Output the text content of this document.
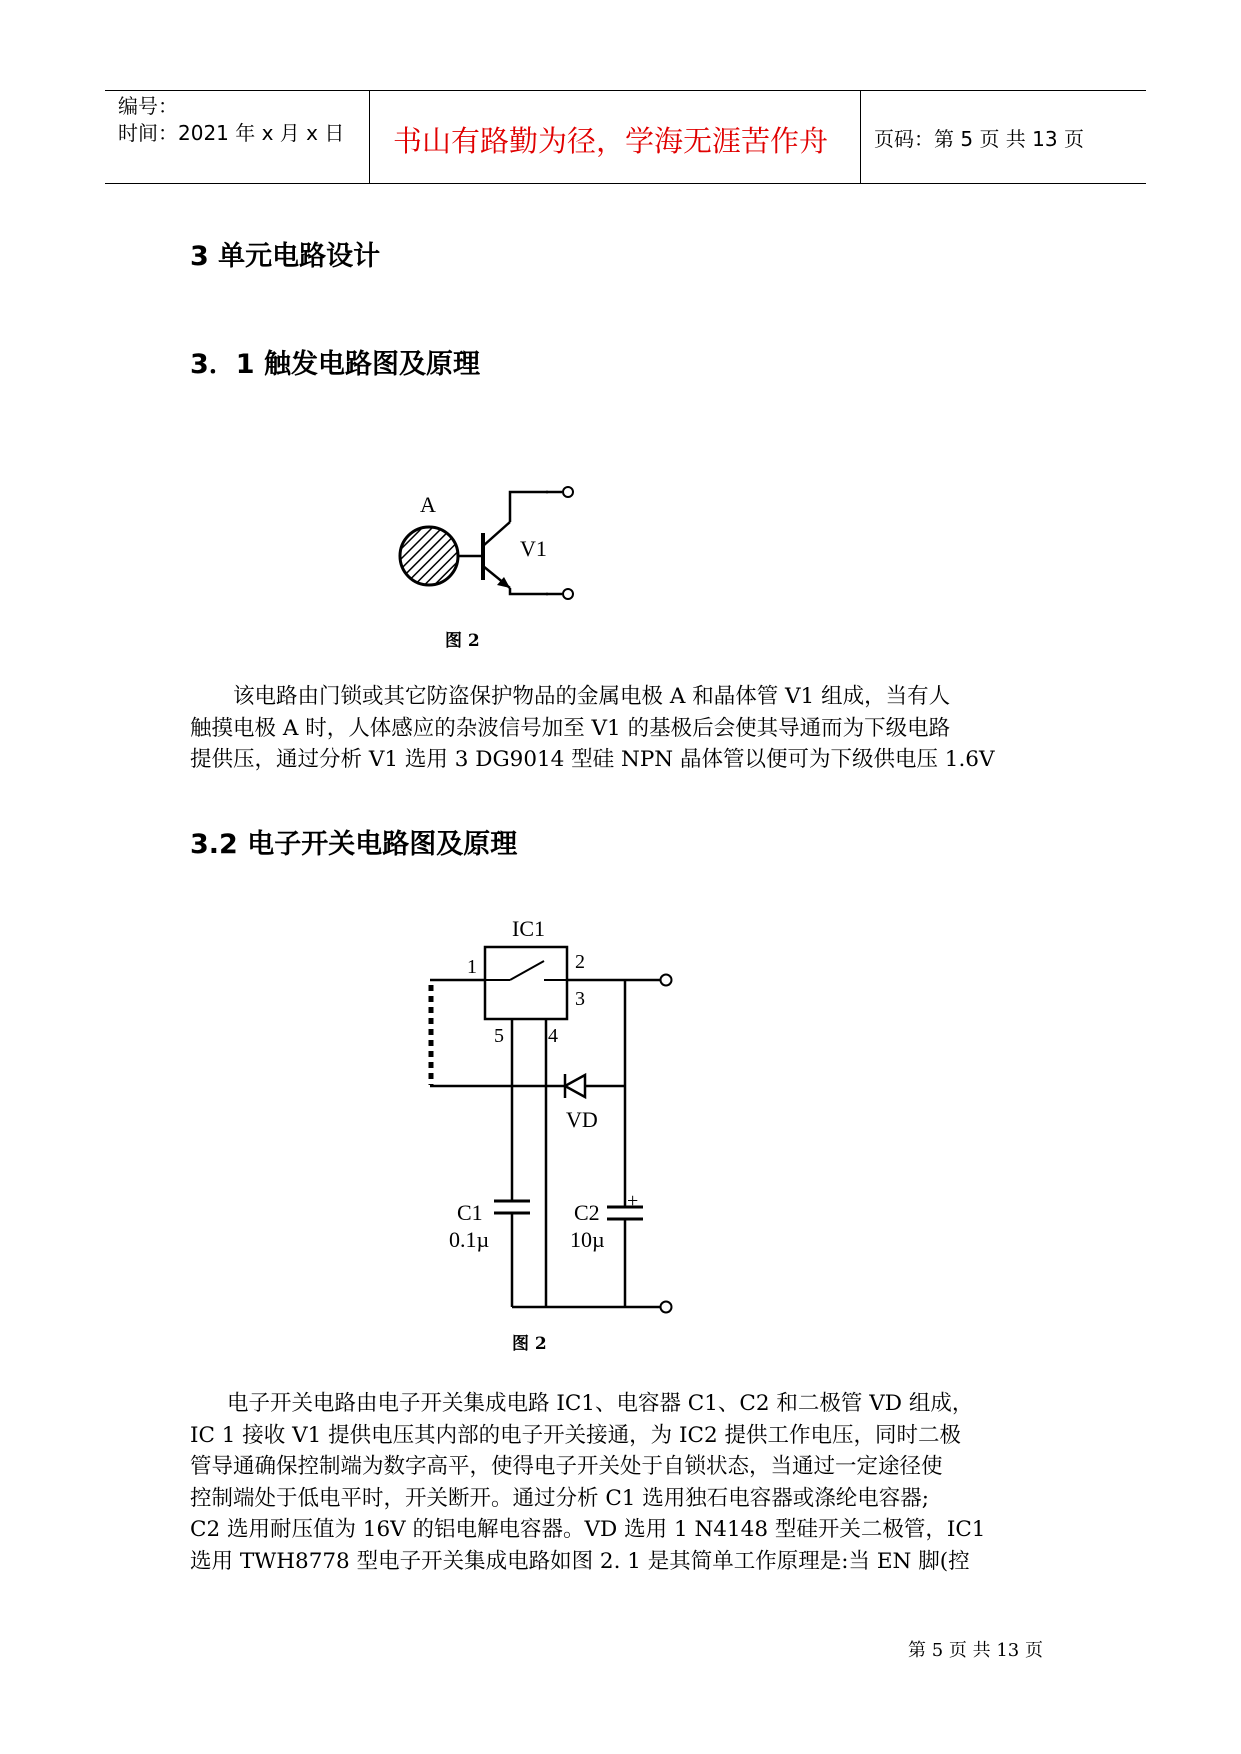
编号：
时间：2021 年 x 月 x 日 书山有路勤为径，学海无涯苦作舟 页码：第 5 页 共 13 页
3 单元电路设计
3．1 触发电路图及原理
A
V1
图 2
该电路由门锁或其它防盗保护物品的金属电极 A 和晶体管 V1 组成，当有人
触摸电极 A 时，人体感应的杂波信号加至 V1 的基极后会使其导通而为下级电路
提供压，通过分析 V1 选用 3 DG9014 型硅 NPN 晶体管以便可为下级供电压 1.6V
3.2 电子开关电路图及原理
IC1
1	2
3
5 4
VD
C1
0.1µ
+
C2
10µ
图 2
电子开关电路由电子开关集成电路 IC1、电容器 C1、C2 和二极管 VD 组成，
IC 1 接收 V1 提供电压其内部的电子开关接通，为 IC2 提供工作电压，同时二极
管导通确保控制端为数字高平，使得电子开关处于自锁状态，当通过一定途径使
控制端处于低电平时，开关断开。通过分析 C1 选用独石电容器或涤纶电容器;
C2 选用耐压值为 16V 的铝电解电容器。VD 选用 1 N4148 型硅开关二极管，IC1
选用 TWH8778 型电子开关集成电路如图 2. 1 是其简单工作原理是:当 EN 脚(控
第 5 页 共 13 页
